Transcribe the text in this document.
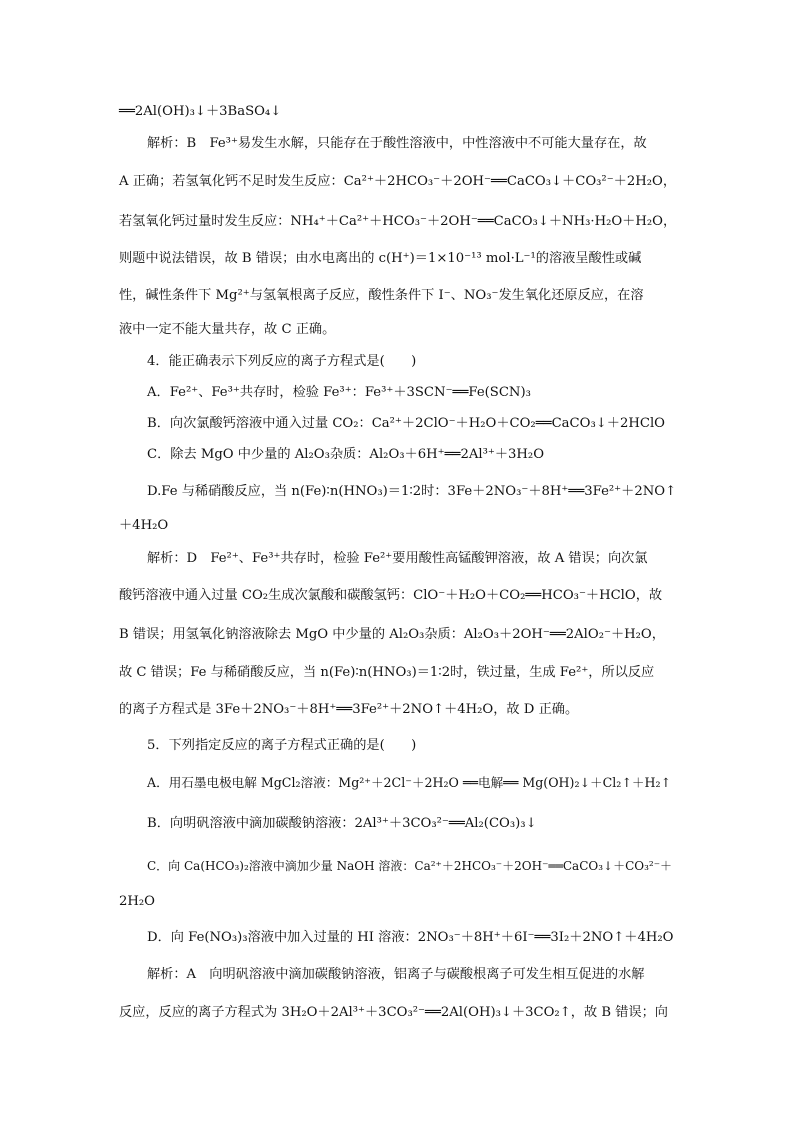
══2Al(OH)₃↓＋3BaSO₄↓
解析：B　Fe³⁺易发生水解，只能存在于酸性溶液中，中性溶液中不可能大量存在，故
A 正确；若氢氧化钙不足时发生反应：Ca²⁺＋2HCO₃⁻＋2OH⁻══CaCO₃↓＋CO₃²⁻＋2H₂O，
若氢氧化钙过量时发生反应：NH₄⁺＋Ca²⁺＋HCO₃⁻＋2OH⁻══CaCO₃↓＋NH₃·H₂O＋H₂O，
则题中说法错误，故 B 错误；由水电离出的 c(H⁺)＝1×10⁻¹³ mol·L⁻¹的溶液呈酸性或碱
性，碱性条件下 Mg²⁺与氢氧根离子反应，酸性条件下 I⁻、NO₃⁻发生氧化还原反应，在溶
液中一定不能大量共存，故 C 正确。
4．能正确表示下列反应的离子方程式是(　　)
A．Fe²⁺、Fe³⁺共存时，检验 Fe³⁺：Fe³⁺＋3SCN⁻══Fe(SCN)₃
B．向次氯酸钙溶液中通入过量 CO₂：Ca²⁺＋2ClO⁻＋H₂O＋CO₂══CaCO₃↓＋2HClO
C．除去 MgO 中少量的 Al₂O₃杂质：Al₂O₃＋6H⁺══2Al³⁺＋3H₂O
D.Fe 与稀硝酸反应，当 n(Fe)∶n(HNO₃)＝1∶2时：3Fe＋2NO₃⁻＋8H⁺══3Fe²⁺＋2NO↑
＋4H₂O
解析：D　Fe²⁺、Fe³⁺共存时，检验 Fe²⁺要用酸性高锰酸钾溶液，故 A 错误；向次氯
酸钙溶液中通入过量 CO₂生成次氯酸和碳酸氢钙：ClO⁻＋H₂O＋CO₂══HCO₃⁻＋HClO，故
B 错误；用氢氧化钠溶液除去 MgO 中少量的 Al₂O₃杂质：Al₂O₃＋2OH⁻══2AlO₂⁻＋H₂O，
故 C 错误；Fe 与稀硝酸反应，当 n(Fe)∶n(HNO₃)＝1∶2时，铁过量，生成 Fe²⁺，所以反应
的离子方程式是 3Fe＋2NO₃⁻＋8H⁺══3Fe²⁺＋2NO↑＋4H₂O，故 D 正确。
5．下列指定反应的离子方程式正确的是(　　)
A．用石墨电极电解 MgCl₂溶液：Mg²⁺＋2Cl⁻＋2H₂O ══电解══ Mg(OH)₂↓＋Cl₂↑＋H₂↑
B．向明矾溶液中滴加碳酸钠溶液：2Al³⁺＋3CO₃²⁻══Al₂(CO₃)₃↓
C．向 Ca(HCO₃)₂溶液中滴加少量 NaOH 溶液：Ca²⁺＋2HCO₃⁻＋2OH⁻══CaCO₃↓＋CO₃²⁻＋
2H₂O
D．向 Fe(NO₃)₃溶液中加入过量的 HI 溶液：2NO₃⁻＋8H⁺＋6I⁻══3I₂＋2NO↑＋4H₂O
解析：A　向明矾溶液中滴加碳酸钠溶液，铝离子与碳酸根离子可发生相互促进的水解
反应，反应的离子方程式为 3H₂O＋2Al³⁺＋3CO₃²⁻══2Al(OH)₃↓＋3CO₂↑，故 B 错误；向
